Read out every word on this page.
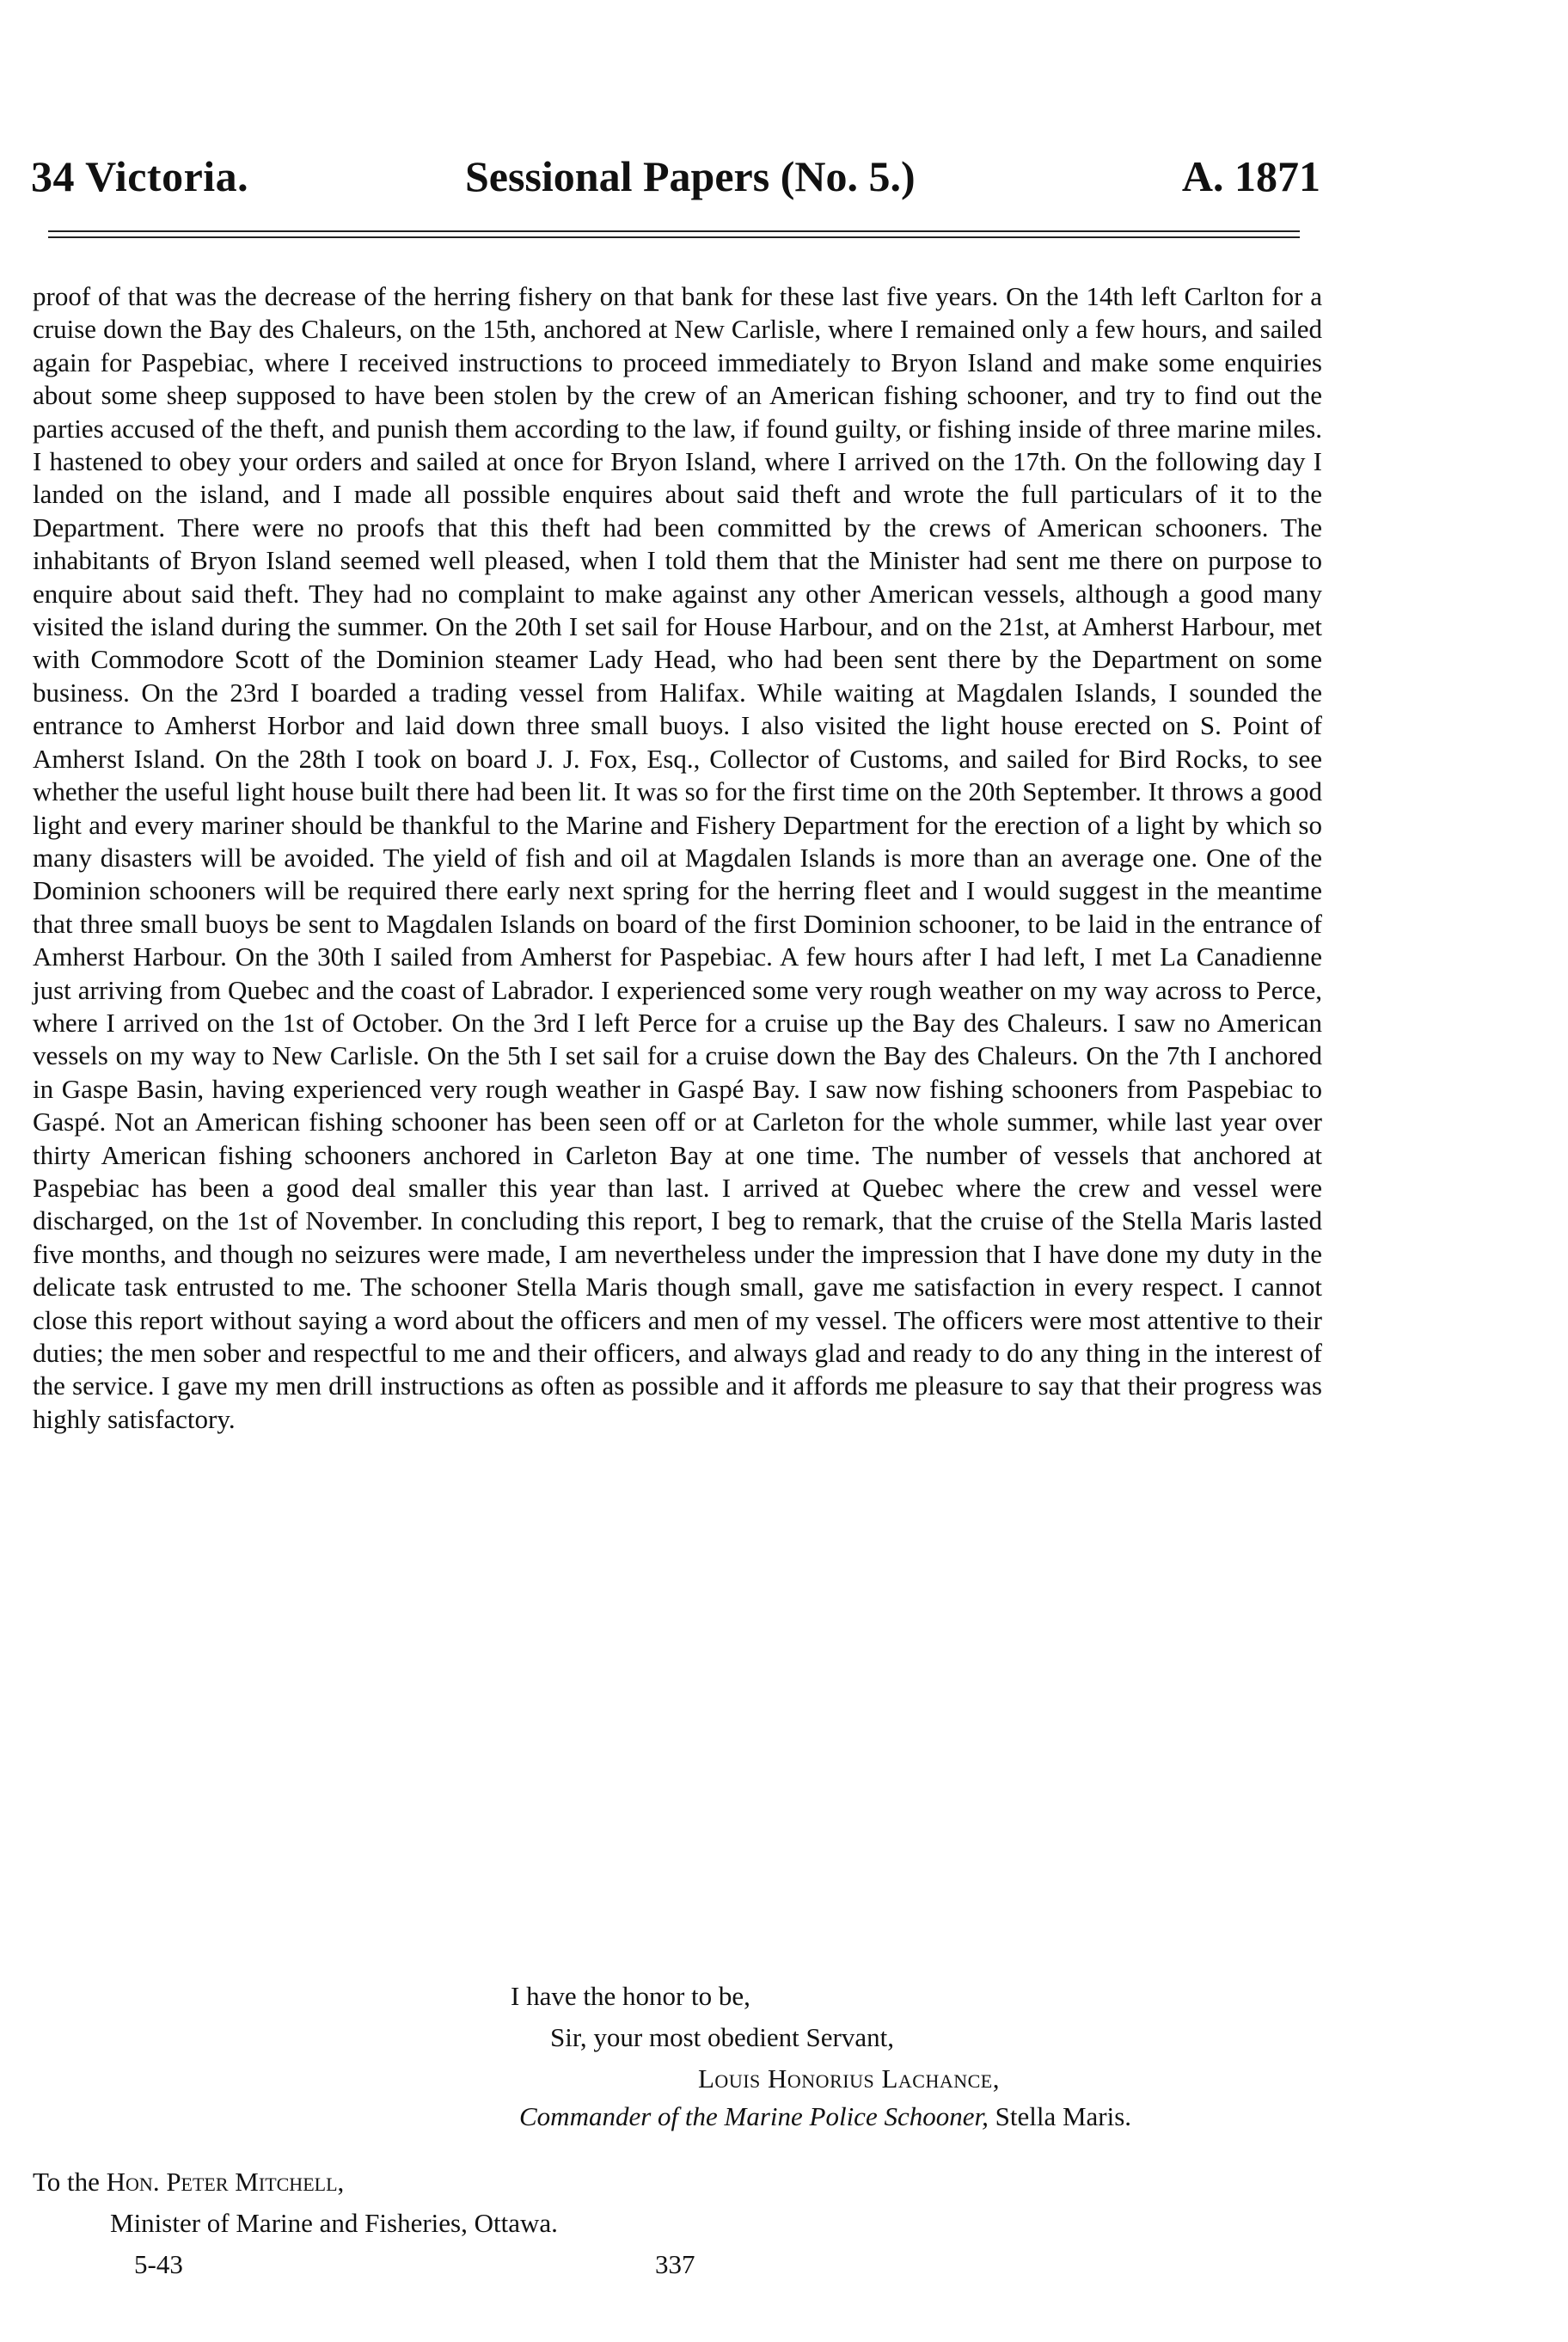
34 Victoria.	Sessional Papers (No. 5.)	A. 1871
proof of that was the decrease of the herring fishery on that bank for these last five years. On the 14th left Carlton for a cruise down the Bay des Chaleurs, on the 15th, anchored at New Carlisle, where I remained only a few hours, and sailed again for Paspebiac, where I received instructions to proceed immediately to Bryon Island and make some enquiries about some sheep supposed to have been stolen by the crew of an American fishing schooner, and try to find out the parties accused of the theft, and punish them according to the law, if found guilty, or fishing inside of three marine miles. I hastened to obey your orders and sailed at once for Bryon Island, where I arrived on the 17th. On the following day I landed on the island, and I made all possible enquires about said theft and wrote the full particulars of it to the Department. There were no proofs that this theft had been committed by the crews of American schooners. The inhabitants of Bryon Island seemed well pleased, when I told them that the Minister had sent me there on purpose to enquire about said theft. They had no complaint to make against any other American vessels, although a good many visited the island during the summer. On the 20th I set sail for House Harbour, and on the 21st, at Amherst Harbour, met with Commodore Scott of the Dominion steamer Lady Head, who had been sent there by the Department on some business. On the 23rd I boarded a trading vessel from Halifax. While waiting at Magdalen Islands, I sounded the entrance to Amherst Horbor and laid down three small buoys. I also visited the light house erected on S. Point of Amherst Island. On the 28th I took on board J. J. Fox, Esq., Collector of Customs, and sailed for Bird Rocks, to see whether the useful light house built there had been lit. It was so for the first time on the 20th September. It throws a good light and every mariner should be thankful to the Marine and Fishery Department for the erection of a light by which so many disasters will be avoided. The yield of fish and oil at Magdalen Islands is more than an average one. One of the Dominion schooners will be required there early next spring for the herring fleet and I would suggest in the meantime that three small buoys be sent to Magdalen Islands on board of the first Dominion schooner, to be laid in the entrance of Amherst Harbour. On the 30th I sailed from Amherst for Paspebiac. A few hours after I had left, I met La Canadienne just arriving from Quebec and the coast of Labrador. I experienced some very rough weather on my way across to Perce, where I arrived on the 1st of October. On the 3rd I left Perce for a cruise up the Bay des Chaleurs. I saw no American vessels on my way to New Carlisle. On the 5th I set sail for a cruise down the Bay des Chaleurs. On the 7th I anchored in Gaspe Basin, having experienced very rough weather in Gaspé Bay. I saw now fishing schooners from Paspebiac to Gaspé. Not an American fishing schooner has been seen off or at Carleton for the whole summer, while last year over thirty American fishing schooners anchored in Carleton Bay at one time. The number of vessels that anchored at Paspebiac has been a good deal smaller this year than last. I arrived at Quebec where the crew and vessel were discharged, on the 1st of November. In concluding this report, I beg to remark, that the cruise of the Stella Maris lasted five months, and though no seizures were made, I am nevertheless under the impression that I have done my duty in the delicate task entrusted to me. The schooner Stella Maris though small, gave me satisfaction in every respect. I cannot close this report without saying a word about the officers and men of my vessel. The officers were most attentive to their duties; the men sober and respectful to me and their officers, and always glad and ready to do any thing in the interest of the service. I gave my men drill instructions as often as possible and it affords me pleasure to say that their progress was highly satisfactory.
I have the honor to be,
Sir, your most obedient Servant,
Louis Honorius Lachance,
Commander of the Marine Police Schooner, Stella Maris.
To the Hon. Peter Mitchell,
Minister of Marine and Fisheries, Ottawa.
5-43	337
